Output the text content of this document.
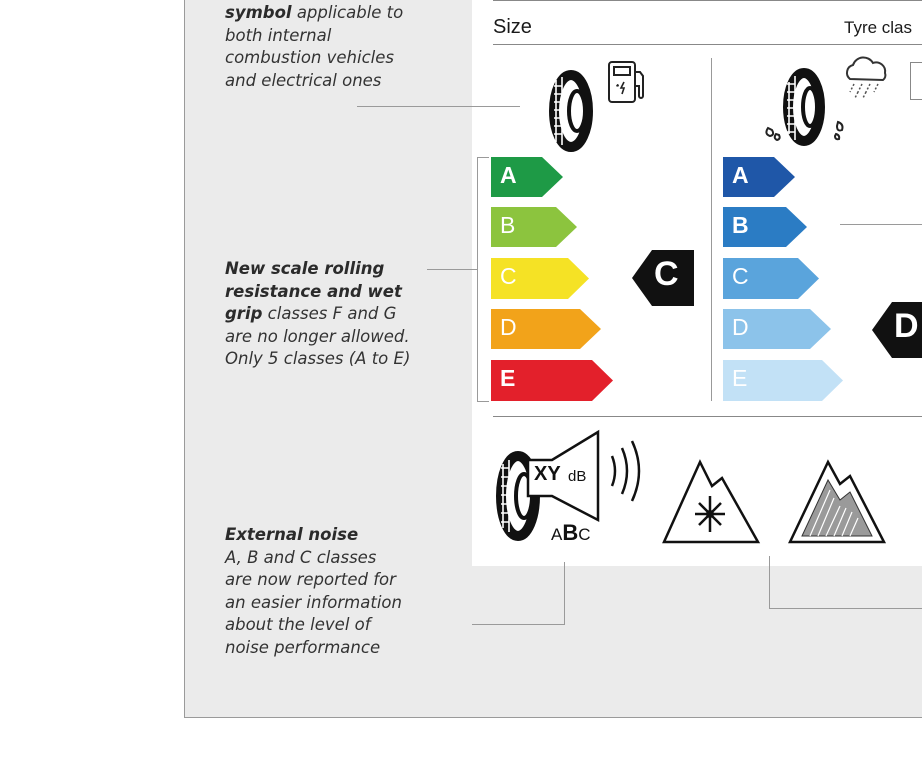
symbol applicable to
both internal
combustion vehicles
and electrical ones
New scale rolling
resistance and wet
grip classes F and G
are no longer allowed.
Only 5 classes (A to E)
External noise
A, B and C classes
are now reported for
an easier information
about the level of
noise performance
Size	Tyre clas
A
B
C
D
E
C
A
B
C
D
E
D
XY dB
ABC
